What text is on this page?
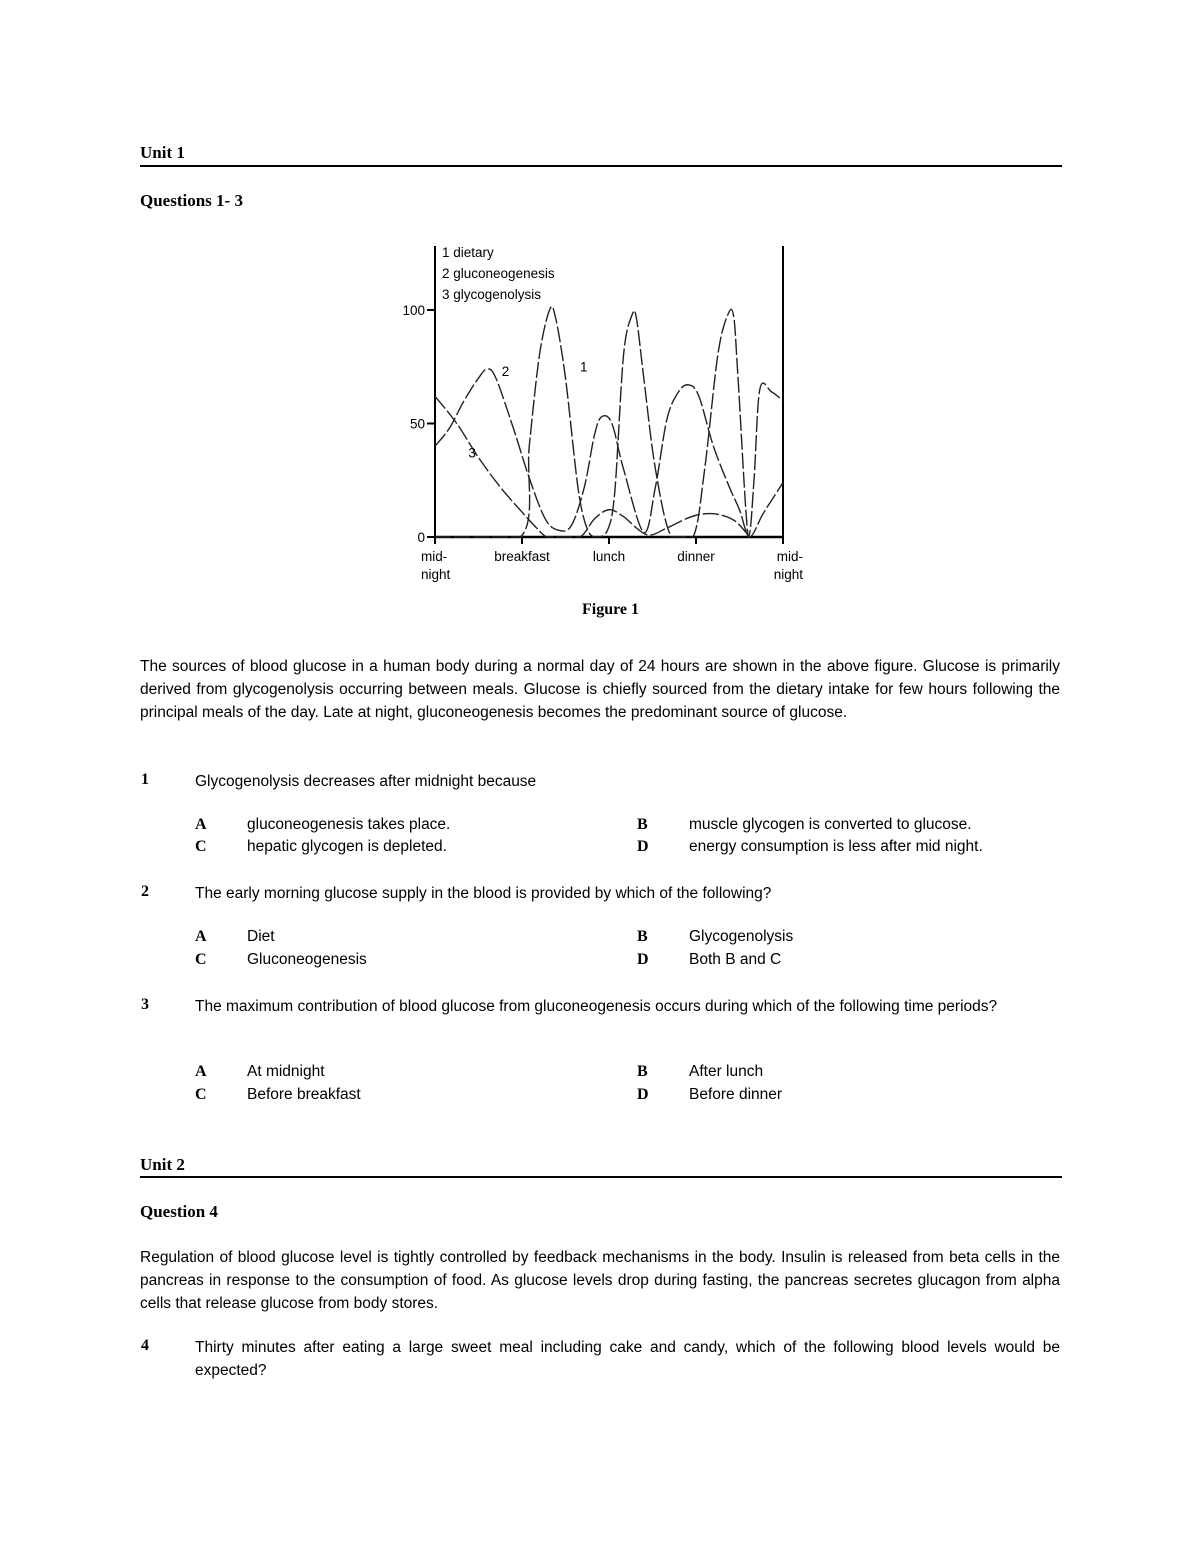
Unit 1
Questions 1- 3
1 dietary
2 gluconeogenesis
3 glycogenolysis
0
50
100
mid-
night
breakfast	lunch	dinner	mid-
night
1
2
3
Figure 1
The sources of blood glucose in a human body during a normal day of 24 hours are shown in the above figure. Glucose is primarily derived from glycogenolysis occurring between meals. Glucose is chiefly sourced from the dietary intake for few hours following the principal meals of the day. Late at night, gluconeogenesis becomes the predominant source of glucose.
1	Glycogenolysis decreases after midnight because
A	gluconeogenesis takes place.	B	muscle glycogen is converted to glucose.
C	hepatic glycogen is depleted.	D	energy consumption is less after mid night.
2	The early morning glucose supply in the blood is provided by which of the following?
A	Diet	B	Glycogenolysis
C	Gluconeogenesis	D	Both B and C
3	The maximum contribution of blood glucose from gluconeogenesis occurs during which of the following time periods?
A	At midnight	B	After lunch
C	Before breakfast	D	Before dinner
Unit 2
Question 4
Regulation of blood glucose level is tightly controlled by feedback mechanisms in the body. Insulin is released from beta cells in the pancreas in response to the consumption of food. As glucose levels drop during fasting, the pancreas secretes glucagon from alpha cells that release glucose from body stores.
4	Thirty minutes after eating a large sweet meal including cake and candy, which of the following blood levels would be expected?
